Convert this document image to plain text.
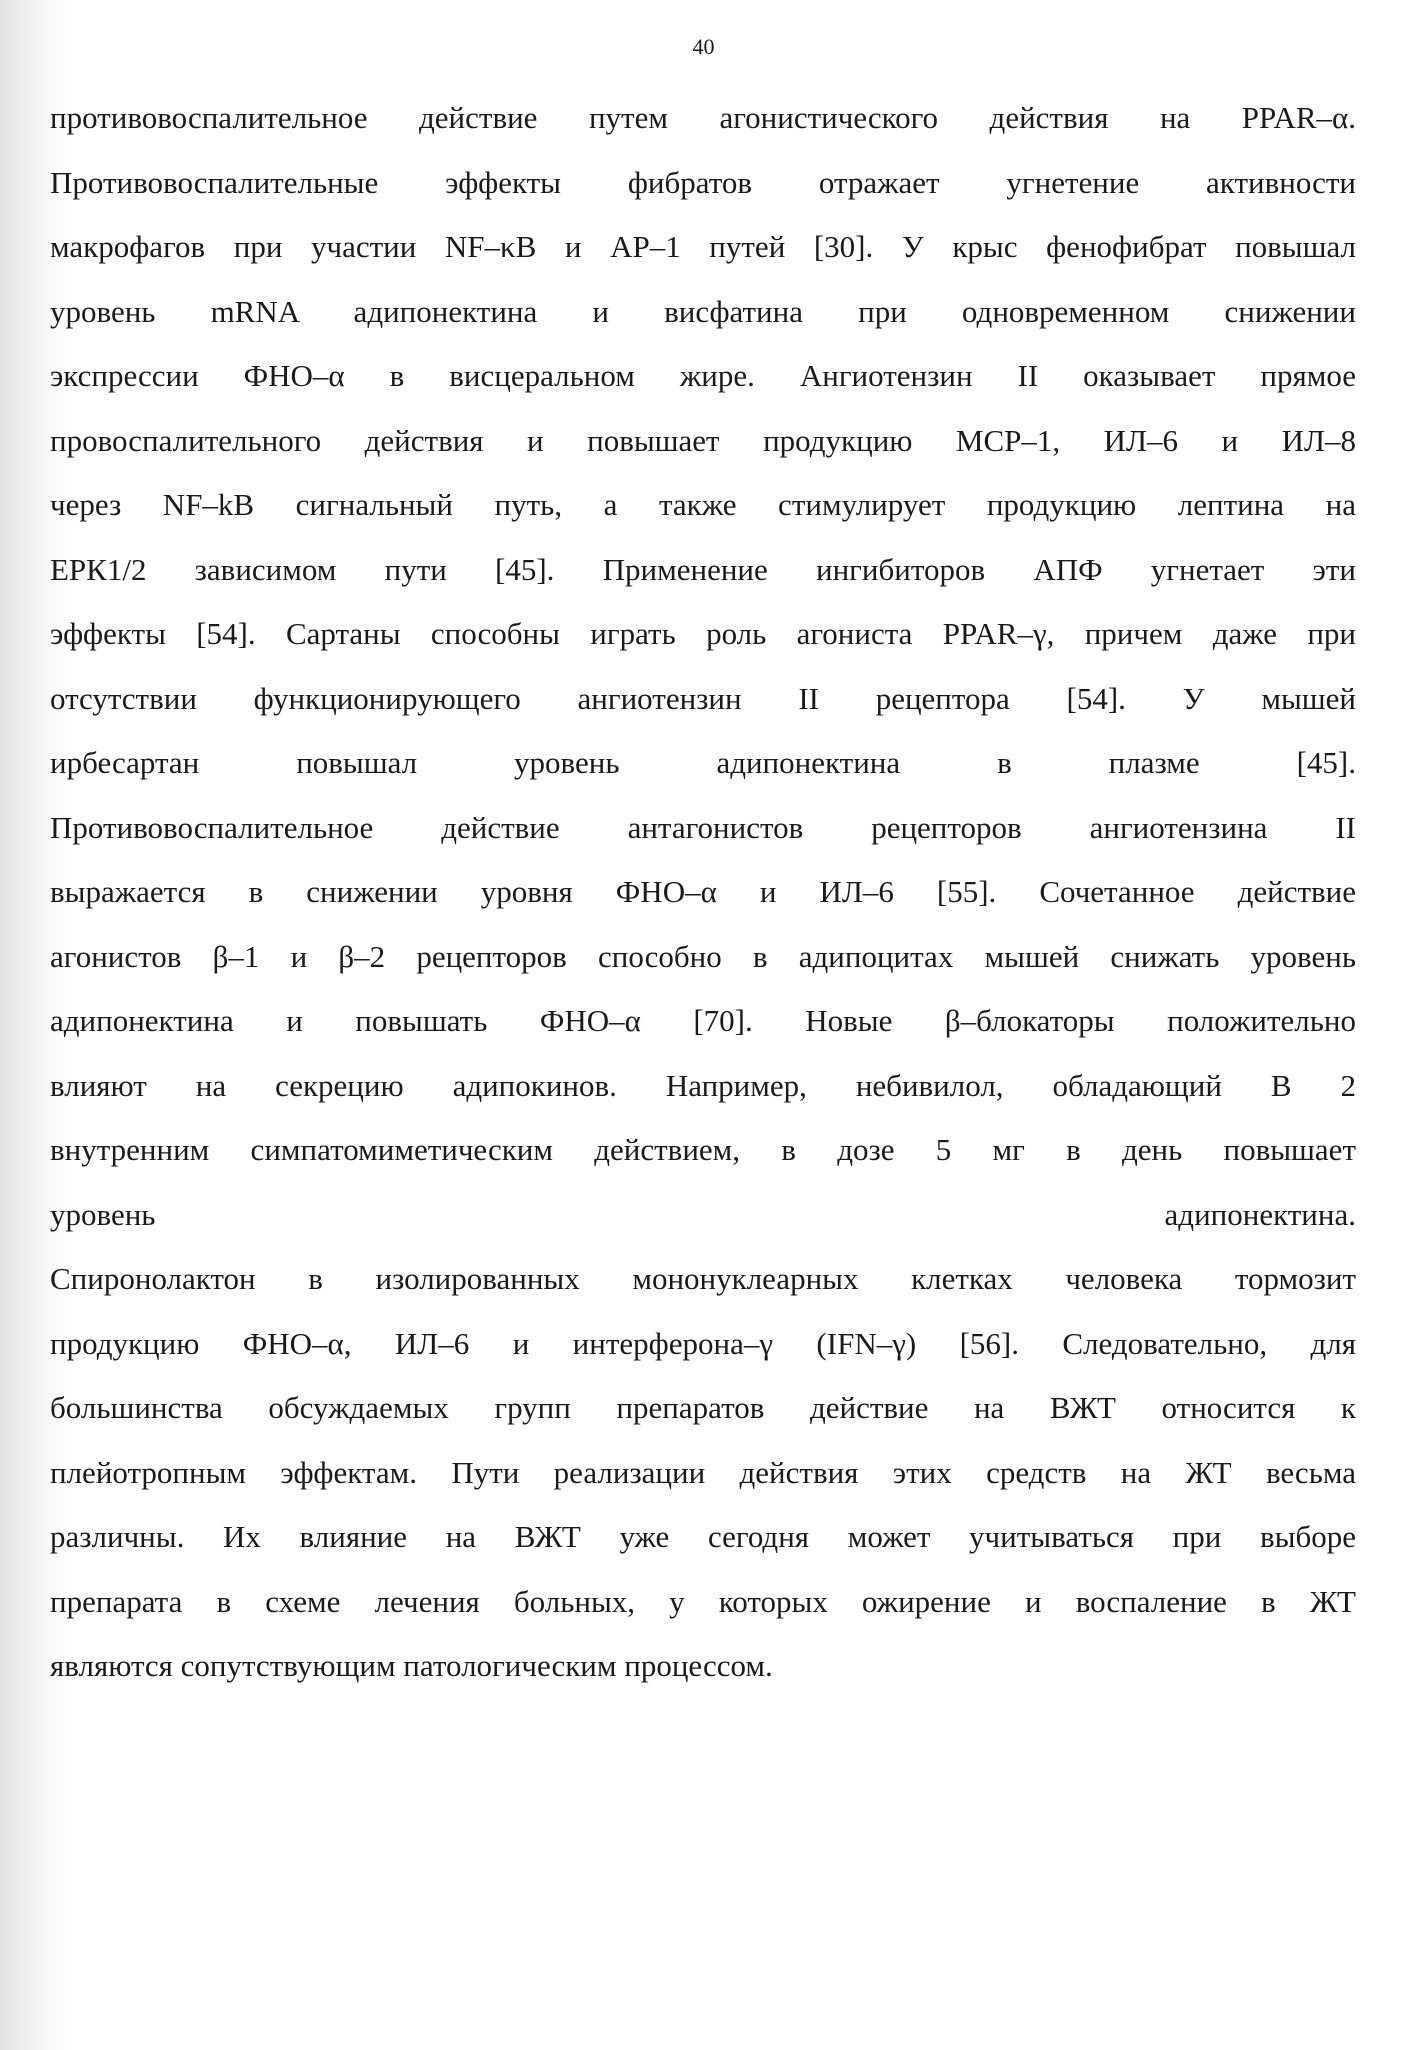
40

противовоспалительное действие путем агонистического действия на PPAR–α.
Противовоспалительные эффекты фибратов отражает угнетение активности
макрофагов при участии NF–κB и AP–1 путей [30]. У крыс фенофибрат повышал
уровень mRNA адипонектина и висфатина при одновременном снижении
экспрессии ФНО–α в висцеральном жире. Ангиотензин II оказывает прямое
провоспалительного действия и повышает продукцию MCP–1, ИЛ–6 и ИЛ–8
через NF–kB сигнальный путь, а также стимулирует продукцию лептина на
ЕРК1/2 зависимом пути [45]. Применение ингибиторов АПФ угнетает эти
эффекты [54]. Сартаны способны играть роль агониста PPAR–γ, причем даже при
отсутствии функционирующего ангиотензин II рецептора [54]. У мышей
ирбесартан повышал уровень адипонектина в плазме [45].
Противовоспалительное действие антагонистов рецепторов ангиотензина II
выражается в снижении уровня ФНО–α и ИЛ–6 [55]. Сочетанное действие
агонистов β–1 и β–2 рецепторов способно в адипоцитах мышей снижать уровень
адипонектина и повышать ФНО–α [70]. Новые β–блокаторы положительно
влияют на секрецию адипокинов. Например, небивилол, обладающий В 2
внутренним симпатомиметическим действием, в дозе 5 мг в день повышает
уровень адипонектина.
Спиронолактон в изолированных мононуклеарных клетках человека тормозит
продукцию ФНО–α, ИЛ–6 и интерферона–γ (IFN–γ) [56]. Следовательно, для
большинства обсуждаемых групп препаратов действие на ВЖТ относится к
плейотропным эффектам. Пути реализации действия этих средств на ЖТ весьма
различны. Их влияние на ВЖТ уже сегодня может учитываться при выборе
препарата в схеме лечения больных, у которых ожирение и воспаление в ЖТ
являются сопутствующим патологическим процессом.
